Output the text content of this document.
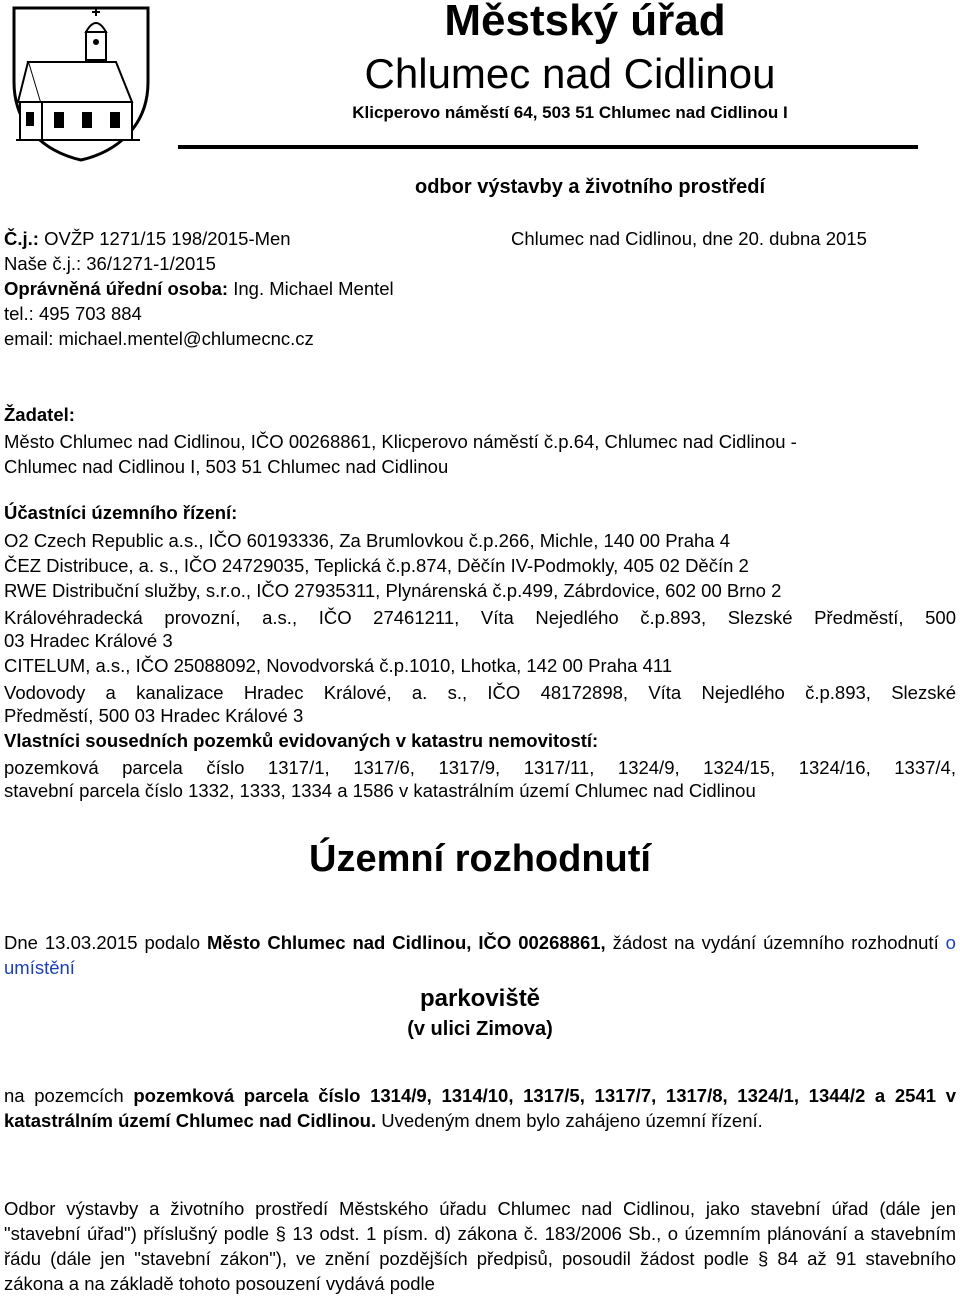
Městský úřad
Chlumec nad Cidlinou
Klicperovo náměstí 64, 503 51 Chlumec nad Cidlinou I
odbor výstavby a životního prostředí
Č.j.: OVŽP 1271/15 198/2015-Men	Chlumec nad Cidlinou, dne 20. dubna 2015
Naše č.j.: 36/1271-1/2015
Oprávněná úřední osoba: Ing. Michael Mentel
tel.: 495 703 884
email: michael.mentel@chlumecnc.cz
Žadatel:
Město Chlumec nad Cidlinou, IČO 00268861, Klicperovo náměstí č.p.64, Chlumec nad Cidlinou -
Chlumec nad Cidlinou I, 503 51 Chlumec nad Cidlinou
Účastníci územního řízení:
O2 Czech Republic a.s., IČO 60193336, Za Brumlovkou č.p.266, Michle, 140 00 Praha 4
ČEZ Distribuce, a. s., IČO 24729035, Teplická č.p.874, Děčín IV-Podmokly, 405 02 Děčín 2
RWE Distribuční služby, s.r.o., IČO 27935311, Plynárenská č.p.499, Zábrdovice, 602 00 Brno 2
Královéhradecká provozní, a.s., IČO 27461211, Víta Nejedlého č.p.893, Slezské Předměstí, 500
03 Hradec Králové 3
CITELUM, a.s., IČO 25088092, Novodvorská č.p.1010, Lhotka, 142 00 Praha 411
Vodovody a kanalizace Hradec Králové, a. s., IČO 48172898, Víta Nejedlého č.p.893, Slezské
Předměstí, 500 03 Hradec Králové 3
Vlastníci sousedních pozemků evidovaných v katastru nemovitostí:
pozemková parcela číslo 1317/1, 1317/6, 1317/9, 1317/11, 1324/9, 1324/15, 1324/16, 1337/4,
stavební parcela číslo 1332, 1333, 1334 a 1586 v katastrálním území Chlumec nad Cidlinou
Územní rozhodnutí
Dne 13.03.2015 podalo Město Chlumec nad Cidlinou, IČO 00268861, žádost na vydání územního rozhodnutí o umístění
parkoviště
(v ulici Zimova)
na pozemcích pozemková parcela číslo 1314/9, 1314/10, 1317/5, 1317/7, 1317/8, 1324/1, 1344/2 a 2541 v katastrálním území Chlumec nad Cidlinou. Uvedeným dnem bylo zahájeno územní řízení.
Odbor výstavby a životního prostředí Městského úřadu Chlumec nad Cidlinou, jako stavební úřad (dále jen "stavební úřad") příslušný podle § 13 odst. 1 písm. d) zákona č. 183/2006 Sb., o územním plánování a stavebním řádu (dále jen "stavební zákon"), ve znění pozdějších předpisů, posoudil žádost podle § 84 až 91 stavebního zákona a na základě tohoto posouzení vydává podle
